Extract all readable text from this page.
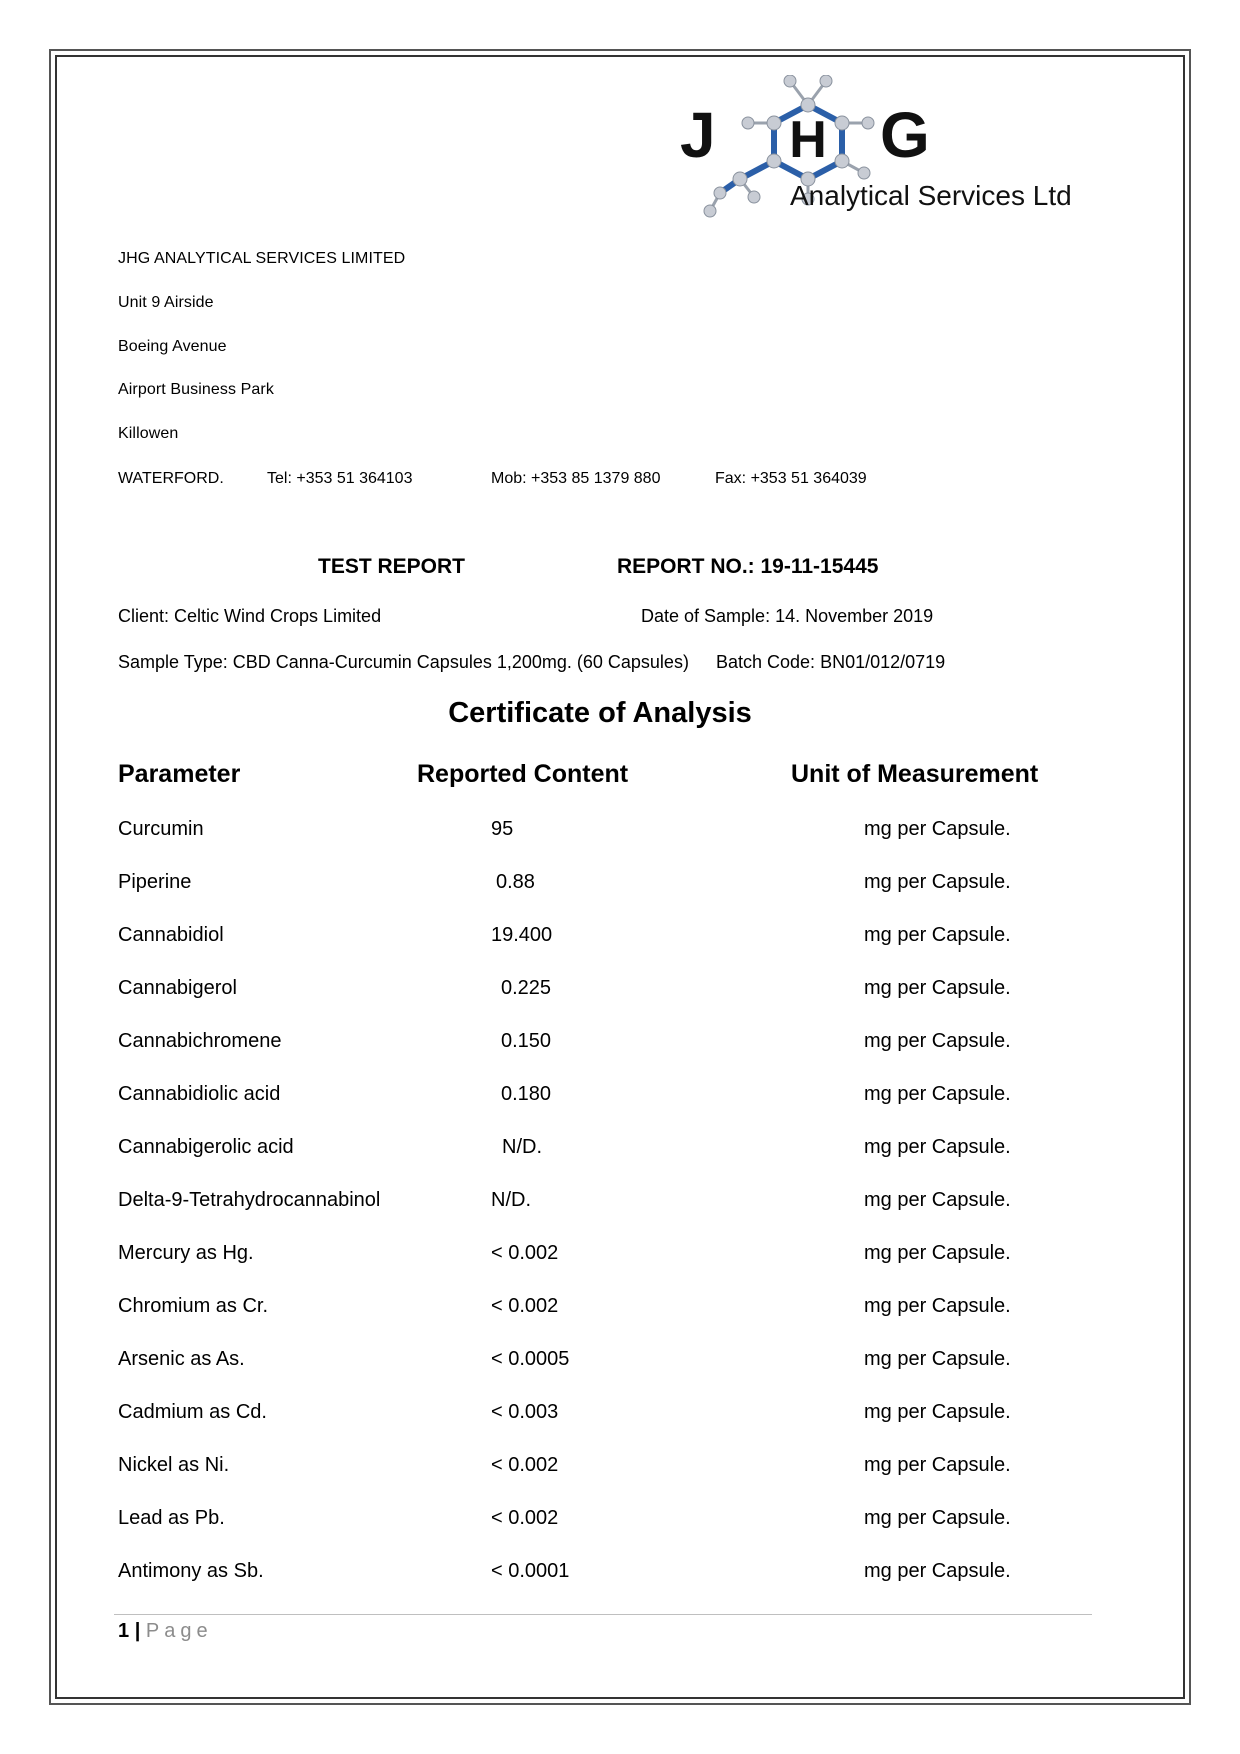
J H G
Analytical Services Ltd
JHG ANALYTICAL SERVICES LIMITED
Unit 9 Airside
Boeing Avenue
Airport Business Park
Killowen
WATERFORD.	Tel: +353 51 364103	Mob: +353 85 1379 880	Fax: +353 51 364039
TEST REPORT	REPORT NO.: 19-11-15445
Client: Celtic Wind Crops Limited	Date of Sample: 14. November 2019
Sample Type: CBD Canna-Curcumin Capsules 1,200mg. (60 Capsules) Batch Code: BN01/012/0719
Certificate of Analysis
Parameter	Reported Content	Unit of Measurement
Curcumin	95	mg per Capsule.
Piperine	0.88	mg per Capsule.
Cannabidiol	19.400	mg per Capsule.
Cannabigerol	0.225	mg per Capsule.
Cannabichromene	0.150	mg per Capsule.
Cannabidiolic acid	0.180	mg per Capsule.
Cannabigerolic acid	N/D.	mg per Capsule.
Delta-9-Tetrahydrocannabinol	N/D.	mg per Capsule.
Mercury as Hg.	< 0.002	mg per Capsule.
Chromium as Cr.	< 0.002	mg per Capsule.
Arsenic as As.	< 0.0005	mg per Capsule.
Cadmium as Cd.	< 0.003	mg per Capsule.
Nickel as Ni.	< 0.002	mg per Capsule.
Lead as Pb.	< 0.002	mg per Capsule.
Antimony as Sb.	< 0.0001	mg per Capsule.
1 | Page
